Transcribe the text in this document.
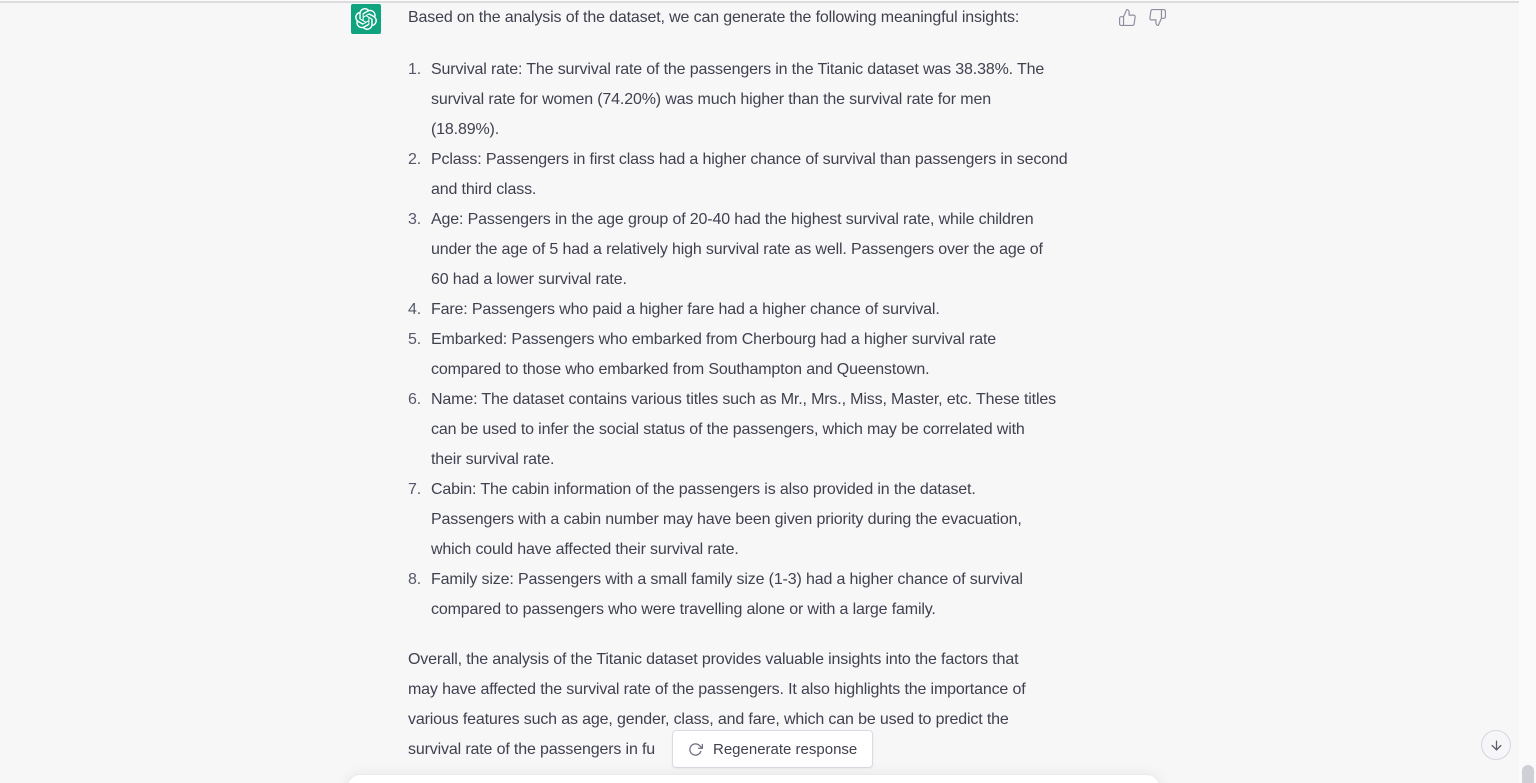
Based on the analysis of the dataset, we can generate the following meaningful insights:
1. Survival rate: The survival rate of the passengers in the Titanic dataset was 38.38%. The
survival rate for women (74.20%) was much higher than the survival rate for men
(18.89%).
2. Pclass: Passengers in first class had a higher chance of survival than passengers in second
and third class.
3. Age: Passengers in the age group of 20-40 had the highest survival rate, while children
under the age of 5 had a relatively high survival rate as well. Passengers over the age of
60 had a lower survival rate.
4. Fare: Passengers who paid a higher fare had a higher chance of survival.
5. Embarked: Passengers who embarked from Cherbourg had a higher survival rate
compared to those who embarked from Southampton and Queenstown.
6. Name: The dataset contains various titles such as Mr., Mrs., Miss, Master, etc. These titles
can be used to infer the social status of the passengers, which may be correlated with
their survival rate.
7. Cabin: The cabin information of the passengers is also provided in the dataset.
Passengers with a cabin number may have been given priority during the evacuation,
which could have affected their survival rate.
8. Family size: Passengers with a small family size (1-3) had a higher chance of survival
compared to passengers who were travelling alone or with a large family.
Overall, the analysis of the Titanic dataset provides valuable insights into the factors that
may have affected the survival rate of the passengers. It also highlights the importance of
various features such as age, gender, class, and fare, which can be used to predict the
survival rate of the passengers in fu	Regenerate response
